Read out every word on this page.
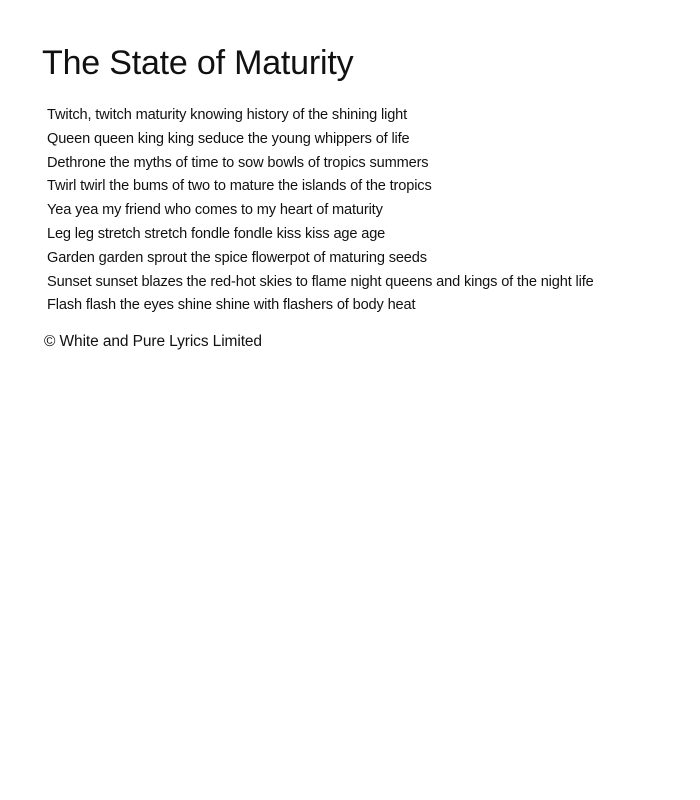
The State of Maturity
Twitch, twitch maturity knowing history of the shining light
Queen queen king king seduce the young whippers of life
Dethrone the myths of time to sow bowls of tropics summers
Twirl twirl the bums of two to mature the islands of the tropics
Yea yea my friend who comes to my heart of maturity
Leg leg stretch stretch fondle fondle kiss kiss age age
Garden garden sprout the spice flowerpot of maturing seeds
Sunset sunset blazes the red-hot skies to flame night queens and kings of the night life
Flash flash the eyes shine shine with flashers of body heat

© White and Pure Lyrics Limited
